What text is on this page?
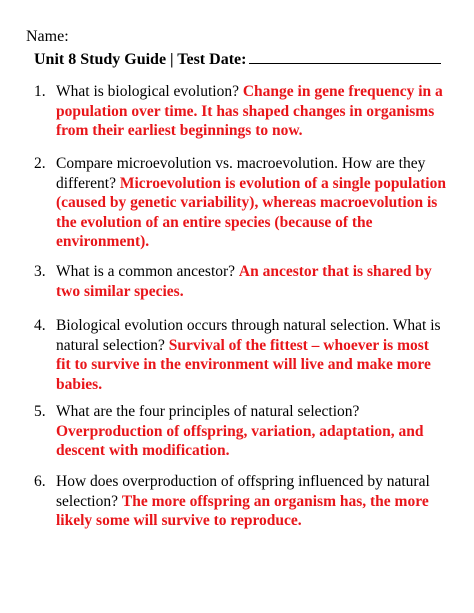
Name:
Unit 8 Study Guide | Test Date:
1. What is biological evolution? Change in gene frequency in a population over time. It has shaped changes in organisms from their earliest beginnings to now.
2. Compare microevolution vs. macroevolution. How are they different? Microevolution is evolution of a single population (caused by genetic variability), whereas macroevolution is the evolution of an entire species (because of the environment).
3. What is a common ancestor? An ancestor that is shared by two similar species.
4. Biological evolution occurs through natural selection. What is natural selection? Survival of the fittest – whoever is most fit to survive in the environment will live and make more babies.
5. What are the four principles of natural selection? Overproduction of offspring, variation, adaptation, and descent with modification.
6. How does overproduction of offspring influenced by natural selection? The more offspring an organism has, the more likely some will survive to reproduce.
